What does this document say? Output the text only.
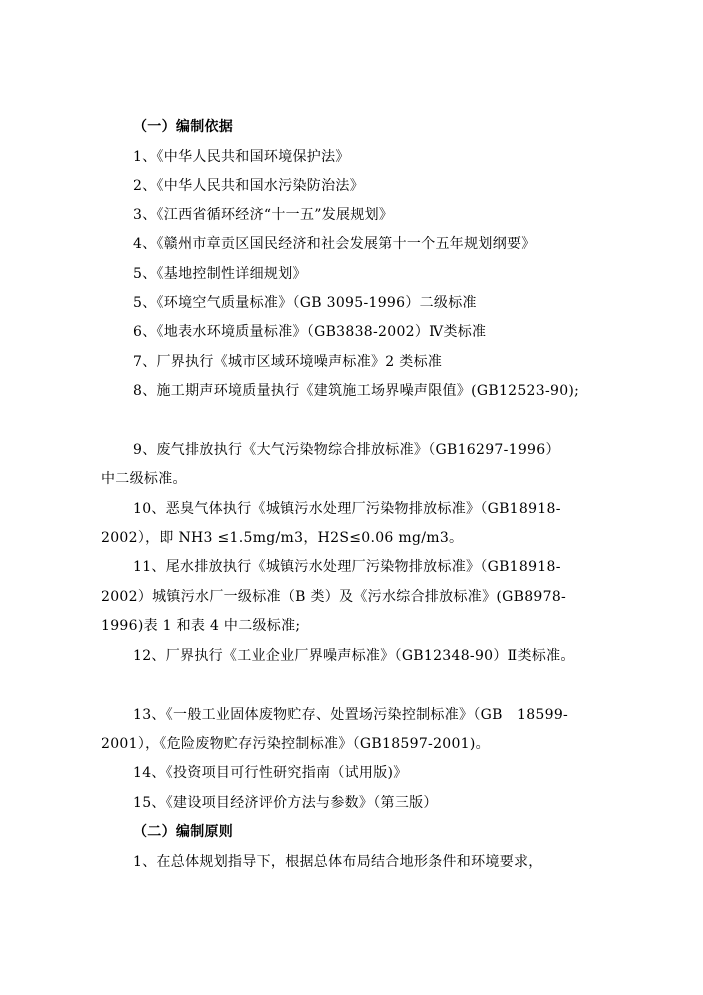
（一）编制依据
1、《中华人民共和国环境保护法》
2、《中华人民共和国水污染防治法》
3、《江西省循环经济“十一五”发展规划》
4、《赣州市章贡区国民经济和社会发展第十一个五年规划纲要》
5、《基地控制性详细规划》
5、《环境空气质量标准》（GB 3095-1996）二级标准
6、《地表水环境质量标准》（GB3838-2002）Ⅳ类标准
7、厂界执行《城市区域环境噪声标准》2 类标准
8、施工期声环境质量执行《建筑施工场界噪声限值》(GB12523-90);
9、废气排放执行《大气污染物综合排放标准》（GB16297-1996）
中二级标准。
10、恶臭气体执行《城镇污水处理厂污染物排放标准》（GB18918-
2002），即 NH3 ≤1.5mg/m3，H2S≤0.06 mg/m3。
11、尾水排放执行《城镇污水处理厂污染物排放标准》（GB18918-
2002）城镇污水厂一级标准（B 类）及《污水综合排放标准》(GB8978-
1996)表 1 和表 4 中二级标准;
12、厂界执行《工业企业厂界噪声标准》（GB12348-90）Ⅱ类标准。
13、《一般工业固体废物贮存、处置场污染控制标准》（GB　18599-
2001），《危险废物贮存污染控制标准》（GB18597-2001)。
14、《投资项目可行性研究指南（试用版)》
15、《建设项目经济评价方法与参数》（第三版）
（二）编制原则
1、在总体规划指导下，根据总体布局结合地形条件和环境要求，
